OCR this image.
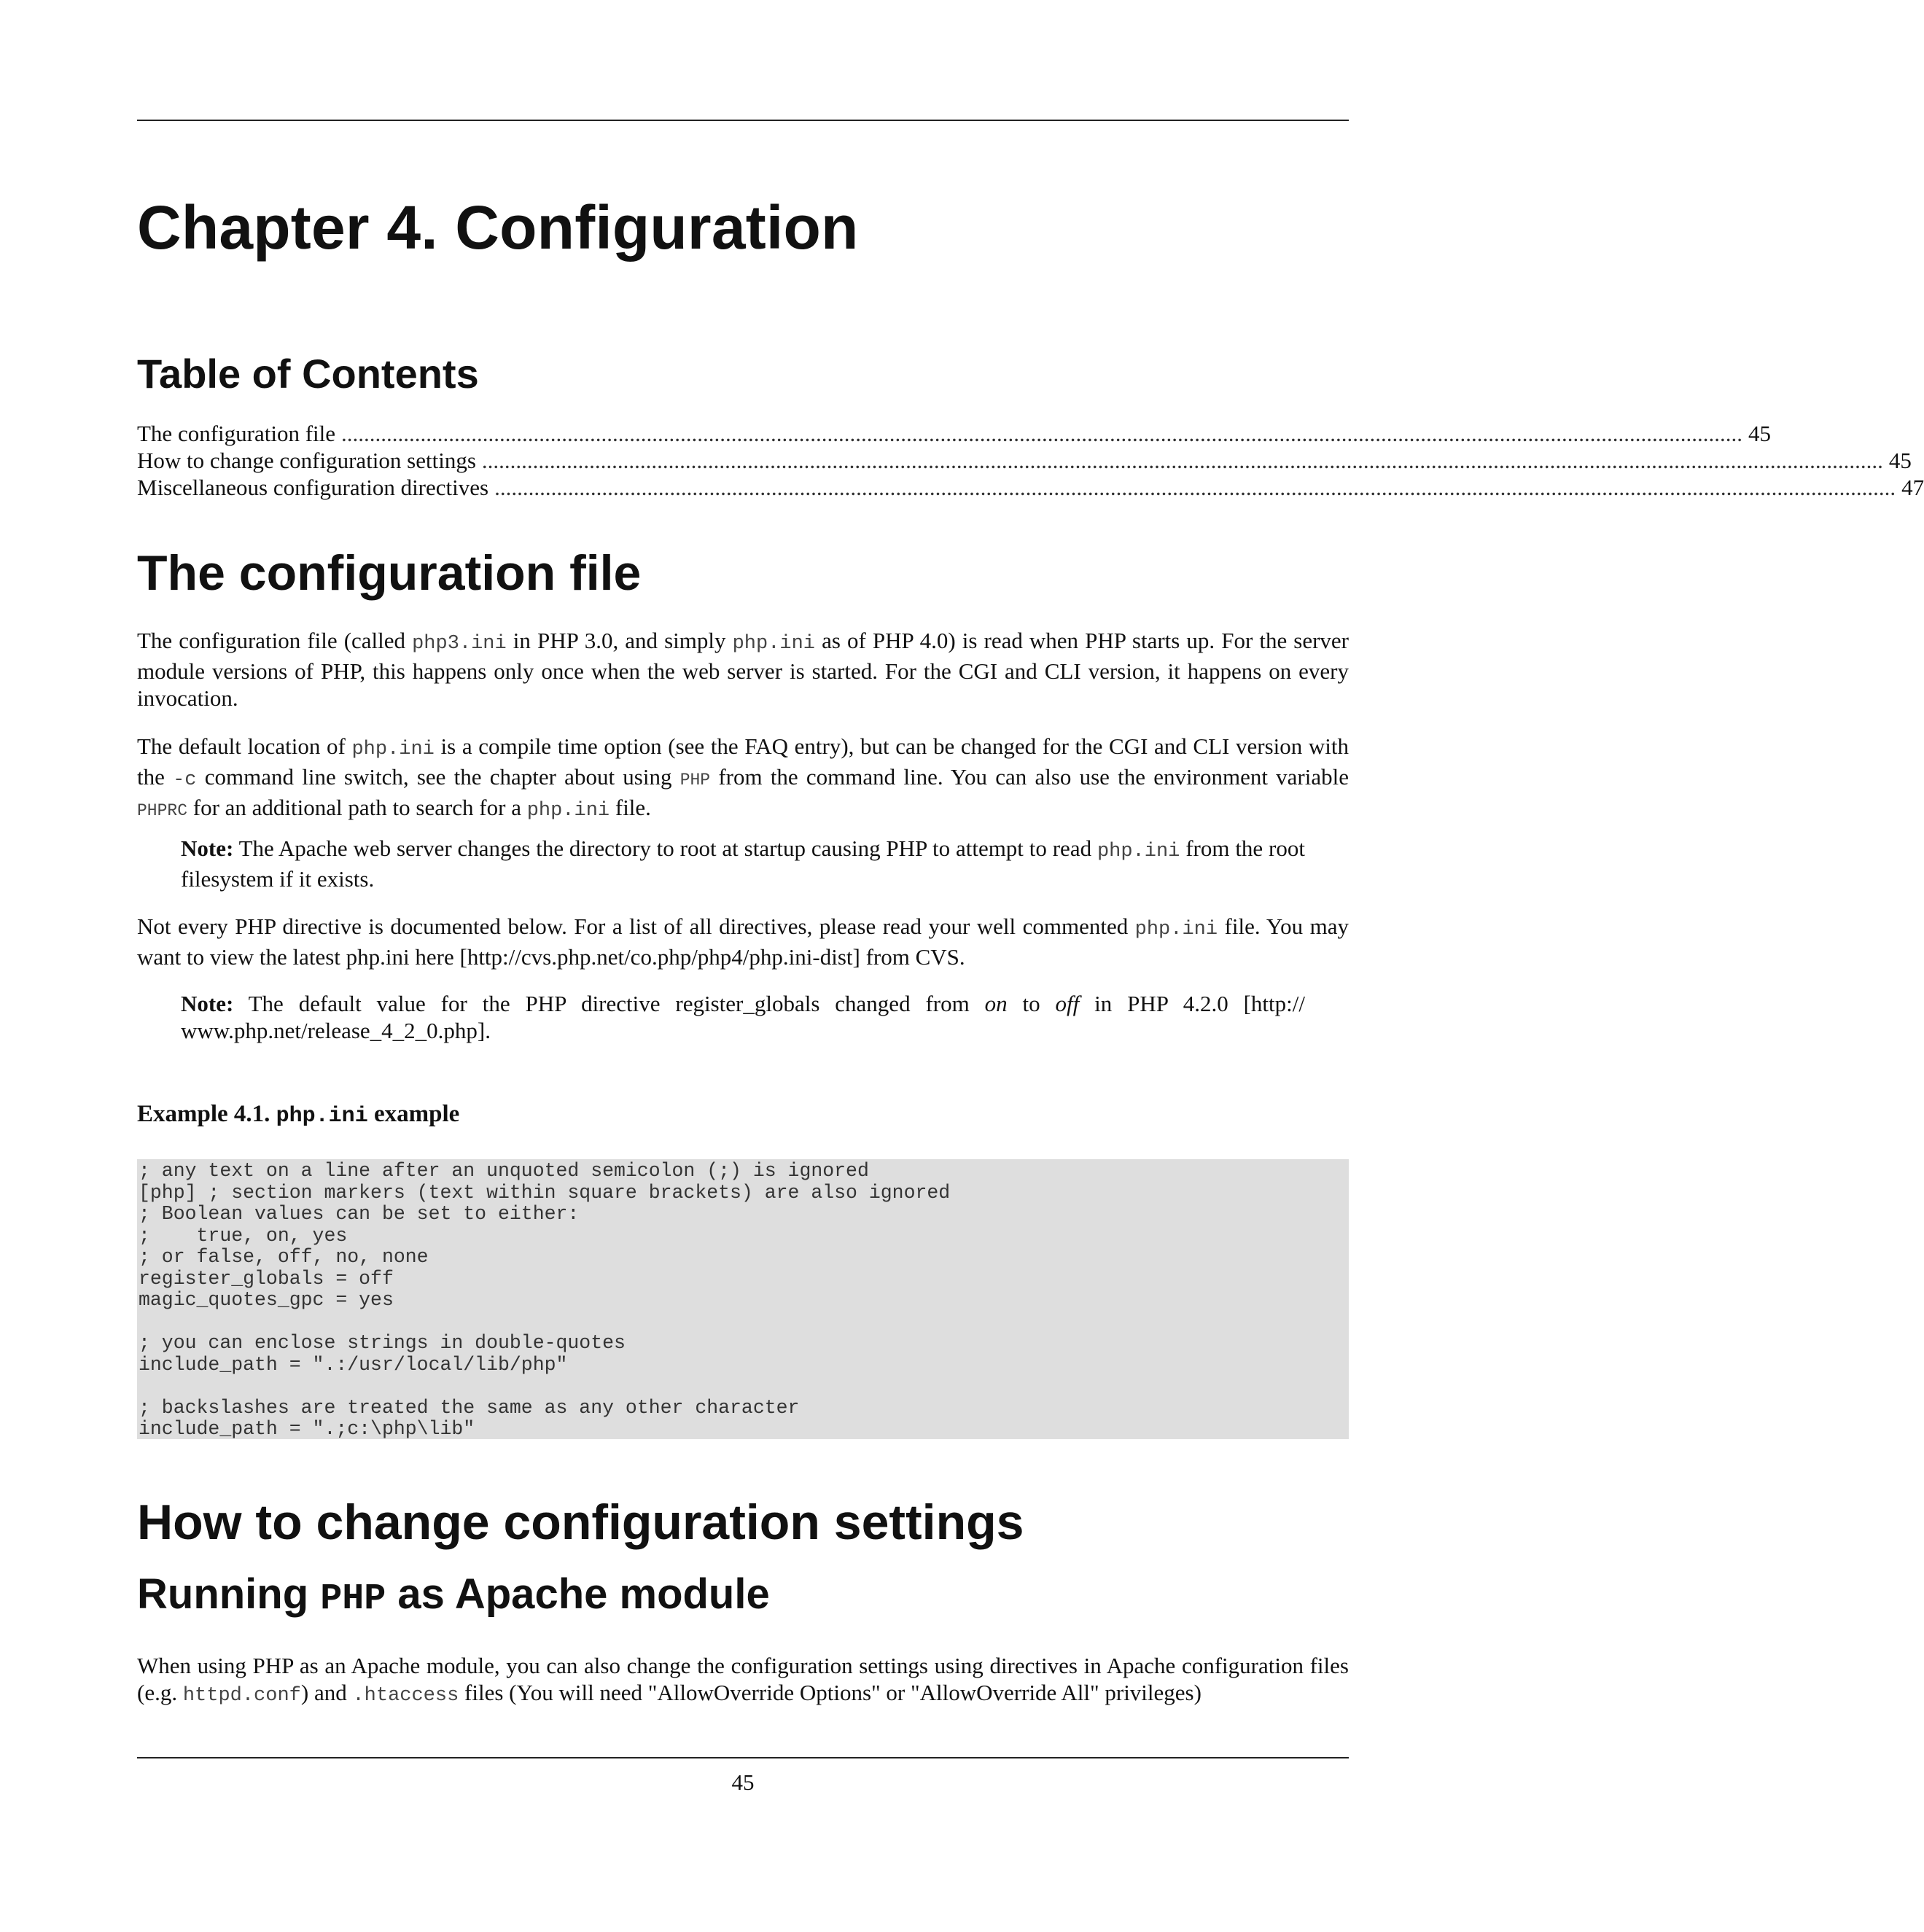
Chapter 4. Configuration
Table of Contents
The configuration file ........................................................................................................................................................................................................................................................ 45
How to change configuration settings ........................................................................................................................................................................................................................................................ 45
Miscellaneous configuration directives ........................................................................................................................................................................................................................................................ 47
The configuration file

The configuration file (called php3.ini in PHP 3.0, and simply php.ini as of PHP 4.0) is read when PHP starts up. For the server module versions of PHP, this happens only once when the web server is started. For the CGI and CLI version, it happens on every invocation.

The default location of php.ini is a compile time option (see the FAQ entry), but can be changed for the CGI and CLI version with the -c command line switch, see the chapter about using PHP from the command line. You can also use the environment variable PHPRC for an additional path to search for a php.ini file.

Note: The Apache web server changes the directory to root at startup causing PHP to attempt to read php.ini from the root filesystem if it exists.

Not every PHP directive is documented below. For a list of all directives, please read your well commented php.ini file. You may want to view the latest php.ini here [http://cvs.php.net/co.php/php4/php.ini-dist] from CVS.

Note: The default value for the PHP directive register_globals changed from on to off in PHP 4.2.0 [http:// www.php.net/release_4_2_0.php].

Example 4.1. php.ini example

; any text on a line after an unquoted semicolon (;) is ignored
[php] ; section markers (text within square brackets) are also ignored
; Boolean values can be set to either:
;    true, on, yes
; or false, off, no, none
register_globals = off
magic_quotes_gpc = yes

; you can enclose strings in double-quotes
include_path = ".:/usr/local/lib/php"

; backslashes are treated the same as any other character
include_path = ".;c:\php\lib"
How to change configuration settings
Running PHP as Apache module

When using PHP as an Apache module, you can also change the configuration settings using directives in Apache configuration files (e.g. httpd.conf) and .htaccess files (You will need "AllowOverride Options" or "AllowOverride All" privileges)

45
